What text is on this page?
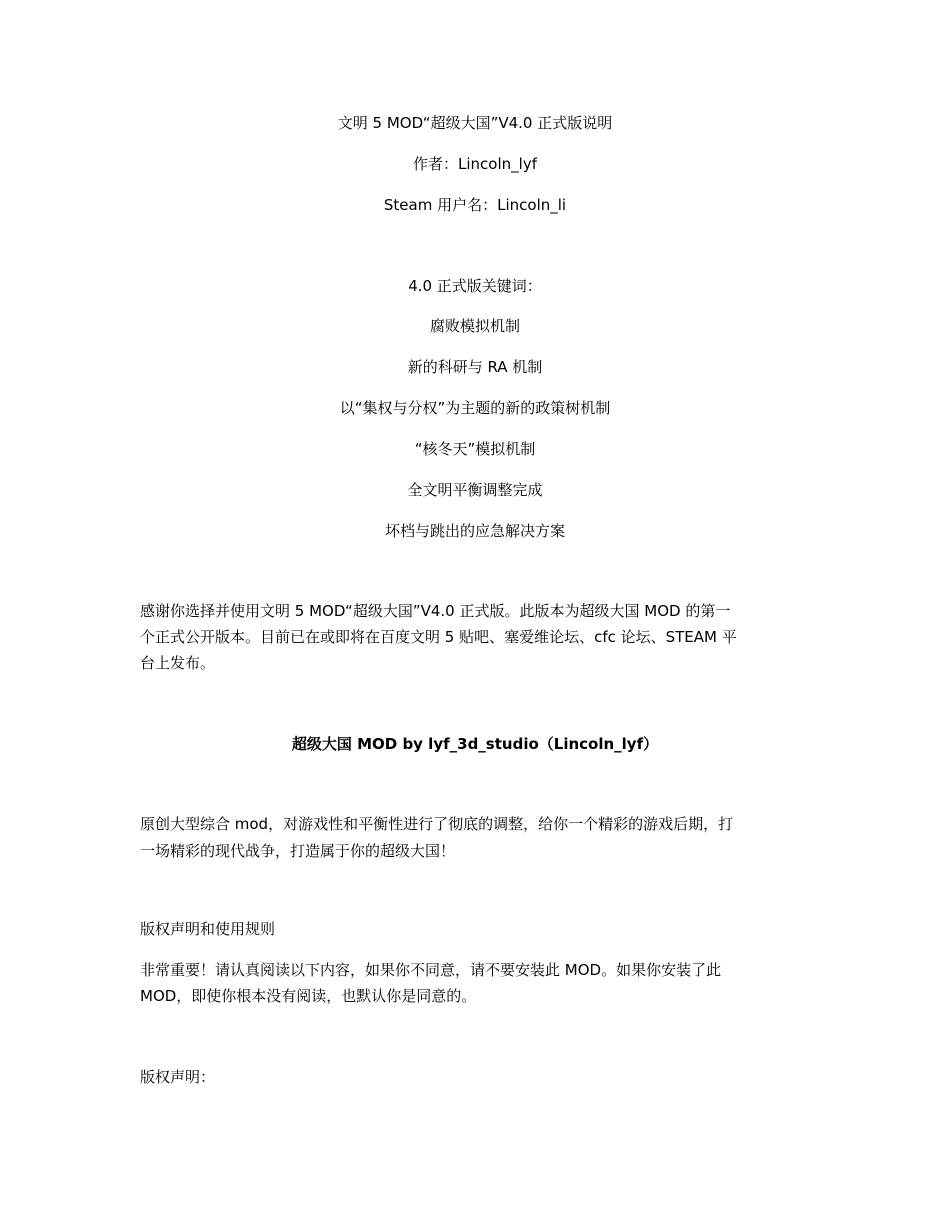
文明 5 MOD“超级大国”V4.0 正式版说明
作者：Lincoln_lyf
Steam 用户名：Lincoln_li
4.0 正式版关键词：
腐败模拟机制
新的科研与 RA 机制
以“集权与分权”为主题的新的政策树机制
“核冬天”模拟机制
全文明平衡调整完成
坏档与跳出的应急解决方案
感谢你选择并使用文明 5 MOD“超级大国”V4.0 正式版。此版本为超级大国 MOD 的第一
个正式公开版本。目前已在或即将在百度文明 5 贴吧、塞爱维论坛、cfc 论坛、STEAM 平
台上发布。
超级大国 MOD by lyf_3d_studio（Lincoln_lyf）
原创大型综合 mod，对游戏性和平衡性进行了彻底的调整，给你一个精彩的游戏后期，打
一场精彩的现代战争，打造属于你的超级大国！
版权声明和使用规则
非常重要！请认真阅读以下内容，如果你不同意，请不要安装此 MOD。如果你安装了此
MOD，即使你根本没有阅读，也默认你是同意的。
版权声明：
